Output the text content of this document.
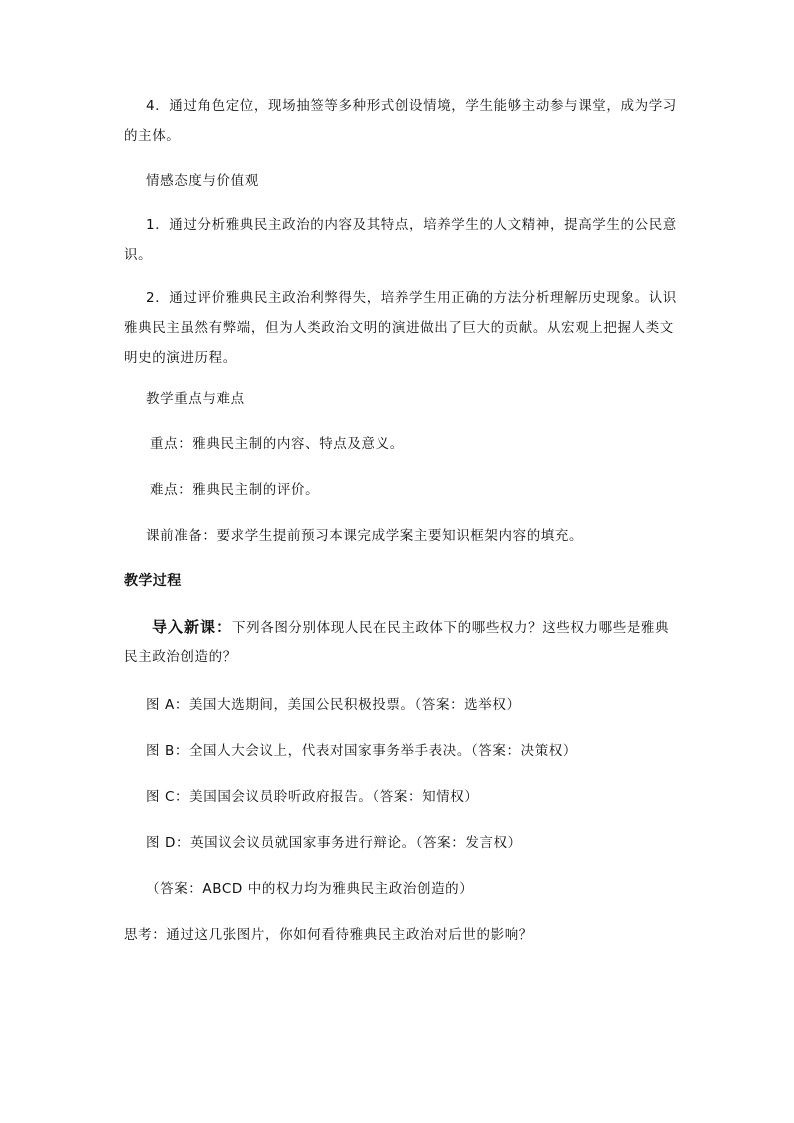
4．通过角色定位，现场抽签等多种形式创设情境，学生能够主动参与课堂，成为学习
的主体。
情感态度与价值观
1．通过分析雅典民主政治的内容及其特点，培养学生的人文精神，提高学生的公民意
识。
2．通过评价雅典民主政治利弊得失，培养学生用正确的方法分析理解历史现象。认识
雅典民主虽然有弊端，但为人类政治文明的演进做出了巨大的贡献。从宏观上把握人类文
明史的演进历程。
教学重点与难点
重点：雅典民主制的内容、特点及意义。
难点：雅典民主制的评价。
课前准备：要求学生提前预习本课完成学案主要知识框架内容的填充。
教学过程
导入新课：下列各图分别体现人民在民主政体下的哪些权力？这些权力哪些是雅典
民主政治创造的？
图 A：美国大选期间，美国公民积极投票。（答案：选举权）
图 B：全国人大会议上，代表对国家事务举手表决。（答案：决策权）
图 C：美国国会议员聆听政府报告。（答案：知情权）
图 D：英国议会议员就国家事务进行辩论。（答案：发言权）
（答案：ABCD 中的权力均为雅典民主政治创造的）
思考：通过这几张图片，你如何看待雅典民主政治对后世的影响？
